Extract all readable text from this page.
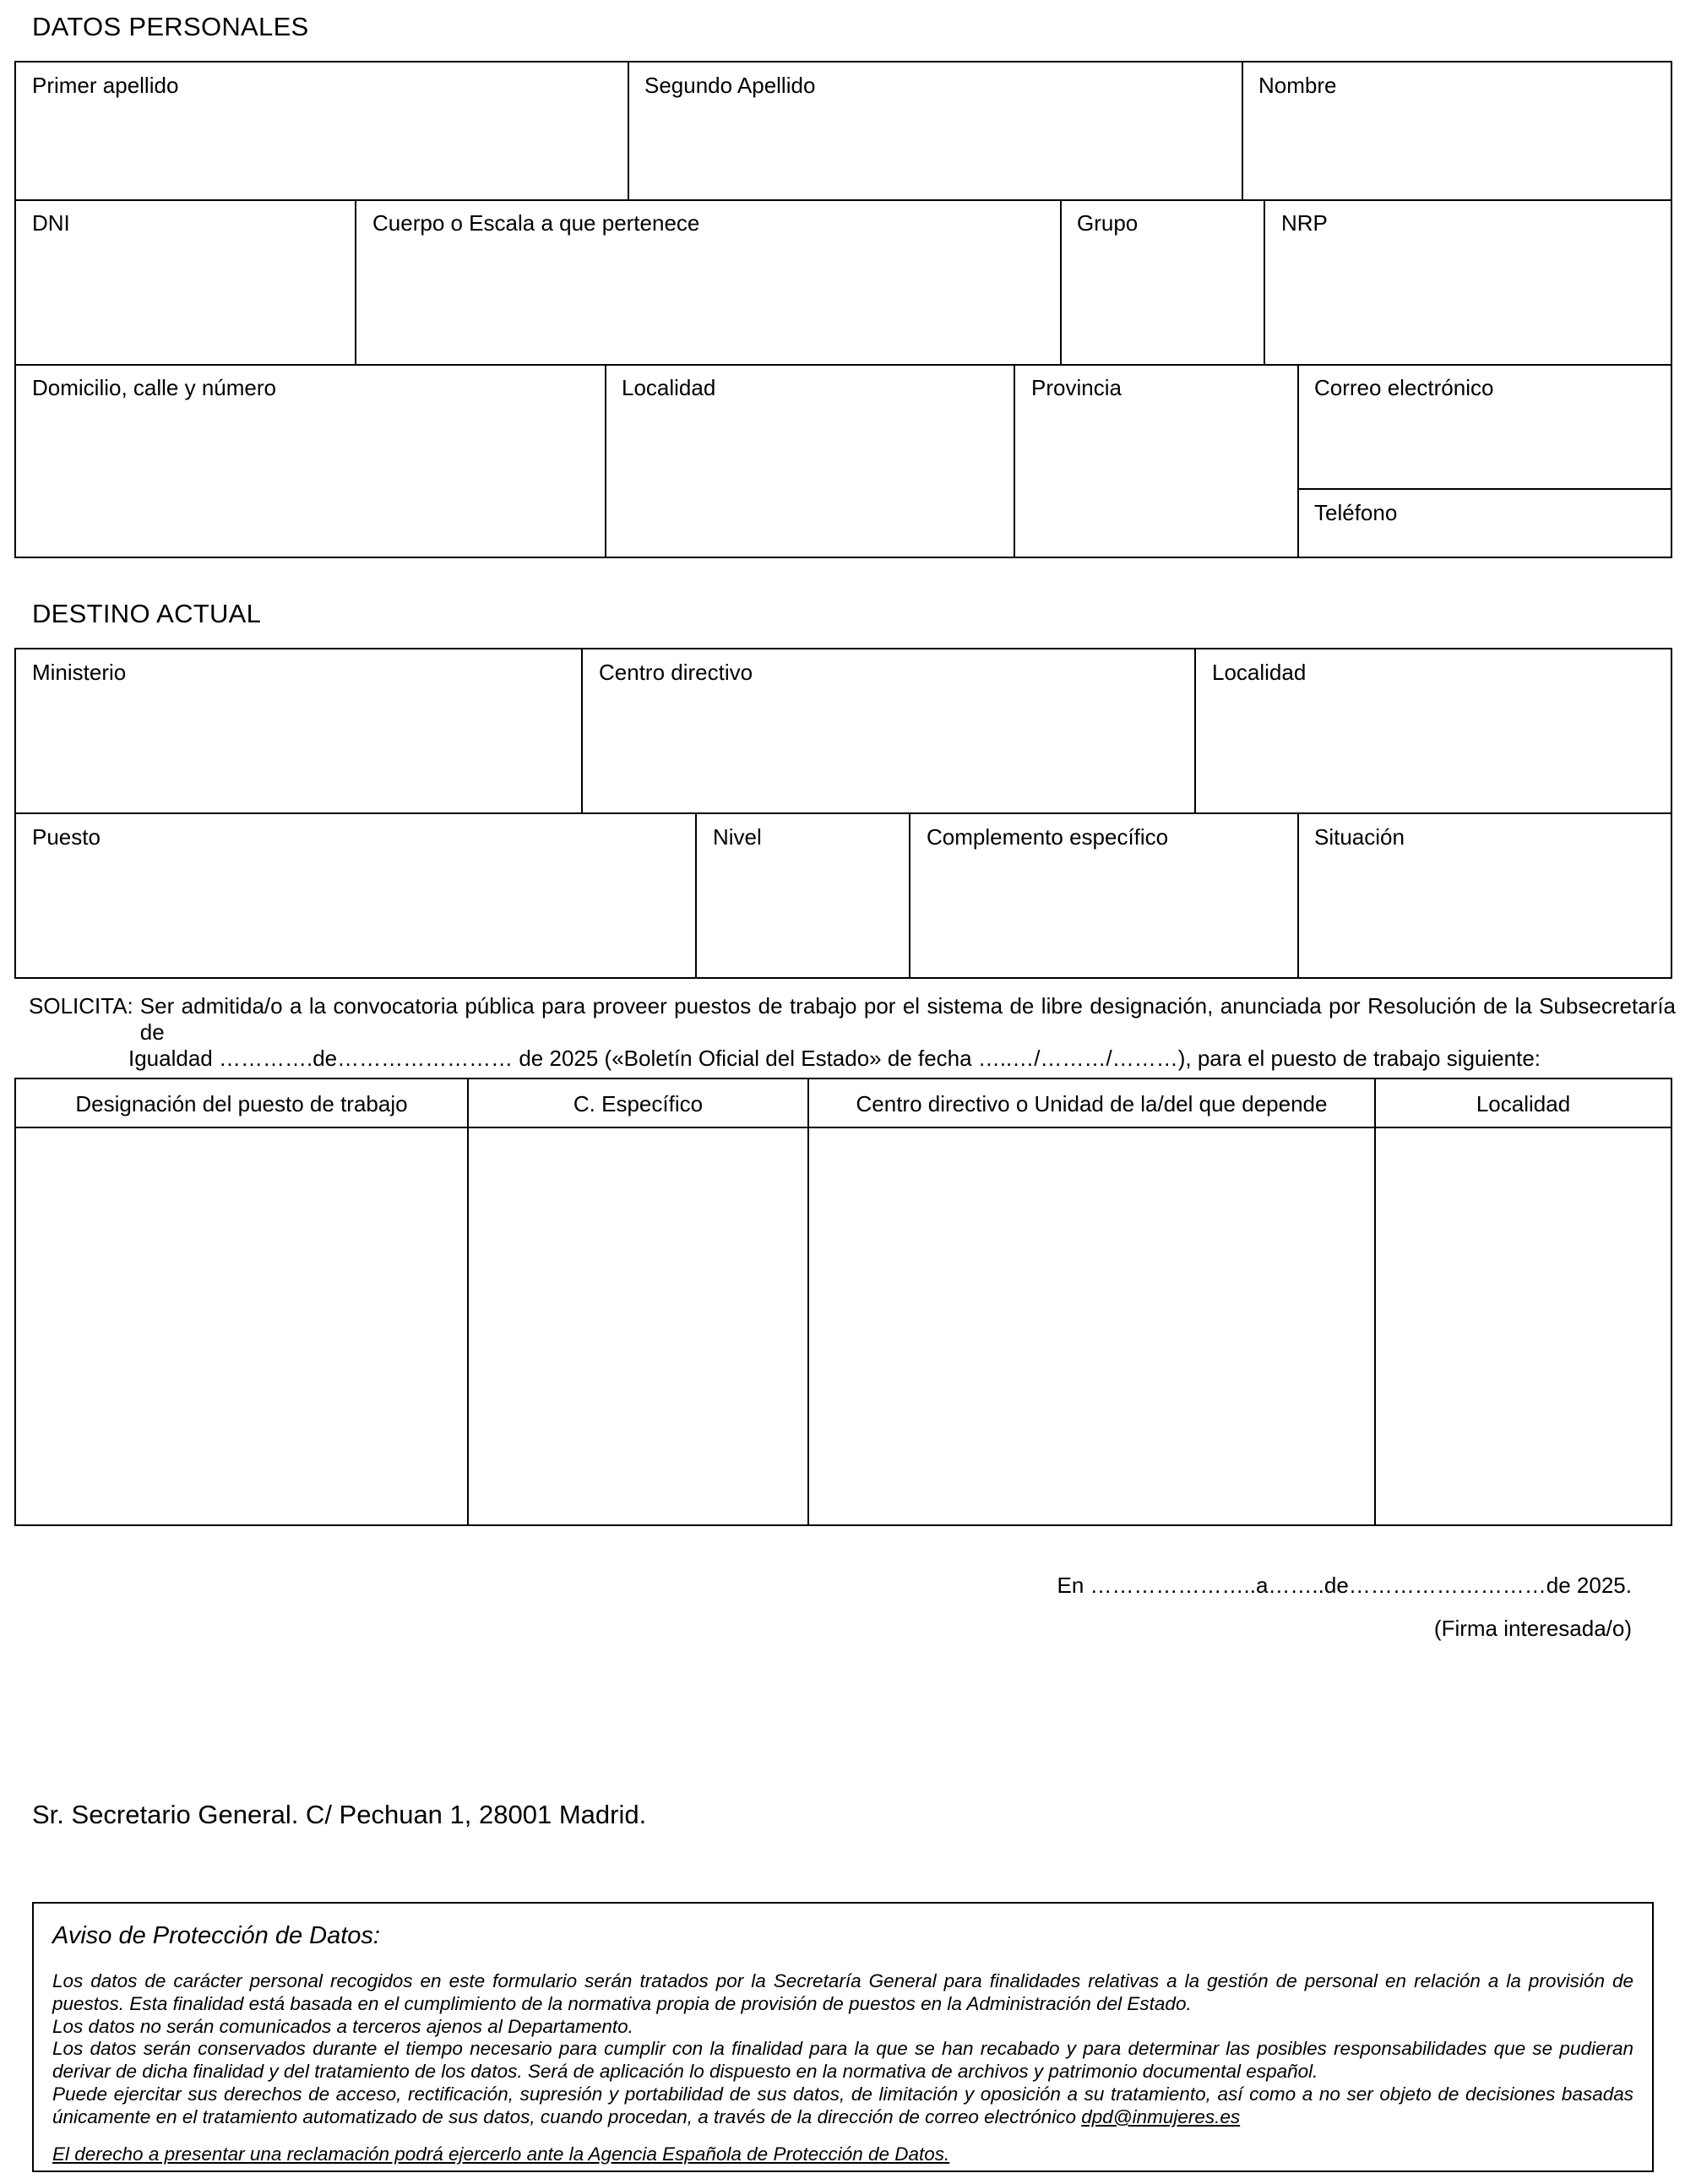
DATOS PERSONALES
Primer apellido	Segundo Apellido	Nombre
DNI	Cuerpo o Escala a que pertenece	Grupo	NRP
Domicilio, calle y número	Localidad	Provincia	Correo electrónico
Teléfono
DESTINO ACTUAL
Ministerio	Centro directivo	Localidad
Puesto	Nivel	Complemento específico	Situación
SOLICITA: Ser admitida/o a la convocatoria pública para proveer puestos de trabajo por el sistema de libre designación, anunciada por Resolución de la Subsecretaría de
Igualdad ………….de…………………… de 2025 («Boletín Oficial del Estado» de fecha …..…/………/………), para el puesto de trabajo siguiente:
Designación del puesto de trabajo	C. Específico	Centro directivo o Unidad de la/del que depende	Localidad
En …………………..a……..de………………………de 2025.
(Firma interesada/o)
Sr. Secretario General. C/ Pechuan 1, 28001 Madrid.
Aviso de Protección de Datos:
Los datos de carácter personal recogidos en este formulario serán tratados por la Secretaría General para finalidades relativas a la gestión de personal en relación a la provisión de puestos. Esta finalidad está basada en el cumplimiento de la normativa propia de provisión de puestos en la Administración del Estado.
Los datos no serán comunicados a terceros ajenos al Departamento.
Los datos serán conservados durante el tiempo necesario para cumplir con la finalidad para la que se han recabado y para determinar las posibles responsabilidades que se pudieran derivar de dicha finalidad y del tratamiento de los datos. Será de aplicación lo dispuesto en la normativa de archivos y patrimonio documental español.
Puede ejercitar sus derechos de acceso, rectificación, supresión y portabilidad de sus datos, de limitación y oposición a su tratamiento, así como a no ser objeto de decisiones basadas únicamente en el tratamiento automatizado de sus datos, cuando procedan, a través de la dirección de correo electrónico dpd@inmujeres.es
El derecho a presentar una reclamación podrá ejercerlo ante la Agencia Española de Protección de Datos.
